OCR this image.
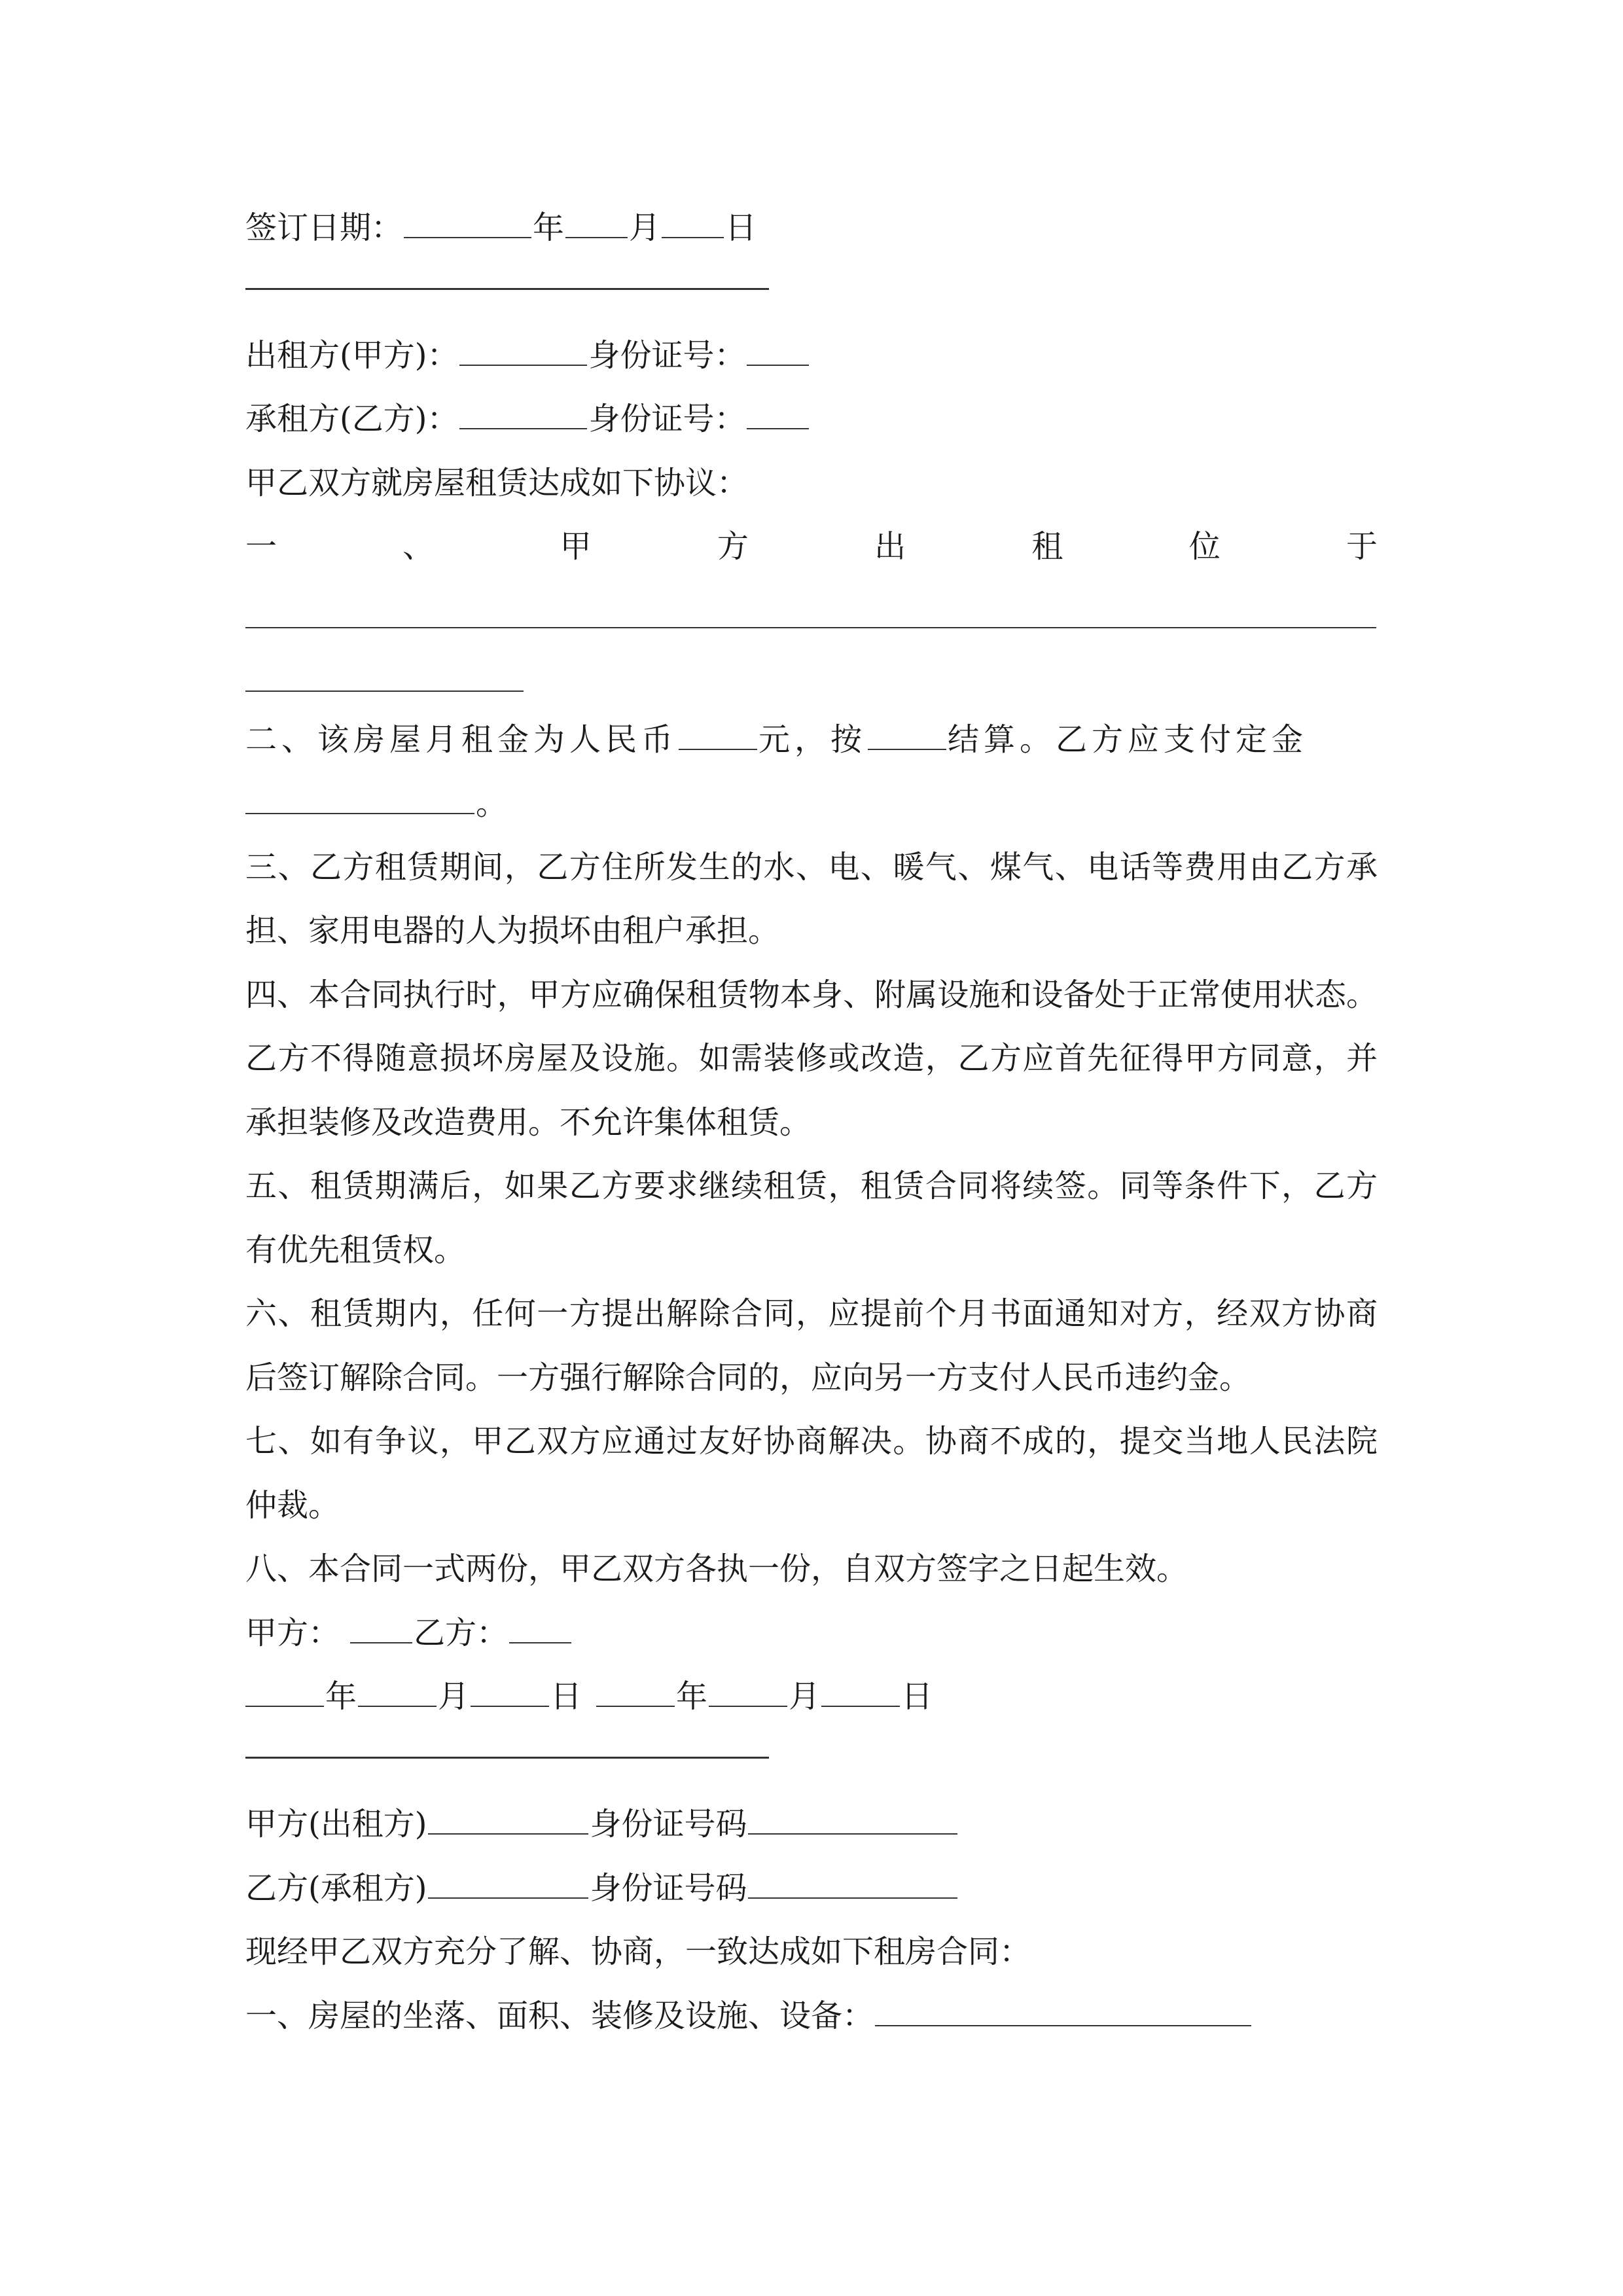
签订日期：	年 月 日
出租方(甲方)：	身份证号：
承租方(乙方)：	身份证号：
甲乙双方就房屋租赁达成如下协议：
一	、	甲	方	出	租	位	于
二、该房屋月租金为人民币	元，按	结算。乙方应支付定金
。
三、乙方租赁期间，乙方住所发生的水、电、暖气、煤气、电话等费用由乙方承
担、家用电器的人为损坏由租户承担。
四、本合同执行时，甲方应确保租赁物本身、附属设施和设备处于正常使用状态。
乙方不得随意损坏房屋及设施。如需装修或改造，乙方应首先征得甲方同意，并
承担装修及改造费用。不允许集体租赁。
五、租赁期满后，如果乙方要求继续租赁，租赁合同将续签。同等条件下，乙方
有优先租赁权。
六、租赁期内，任何一方提出解除合同，应提前个月书面通知对方，经双方协商
后签订解除合同。一方强行解除合同的，应向另一方支付人民币违约金。
七、如有争议，甲乙双方应通过友好协商解决。协商不成的，提交当地人民法院
仲裁。
八、本合同一式两份，甲乙双方各执一份，自双方签字之日起生效。
甲方： 乙方：
年	月	日	年	月	日
甲方(出租方)	身份证号码
乙方(承租方)	身份证号码
现经甲乙双方充分了解、协商，一致达成如下租房合同：
一、房屋的坐落、面积、装修及设施、设备：
